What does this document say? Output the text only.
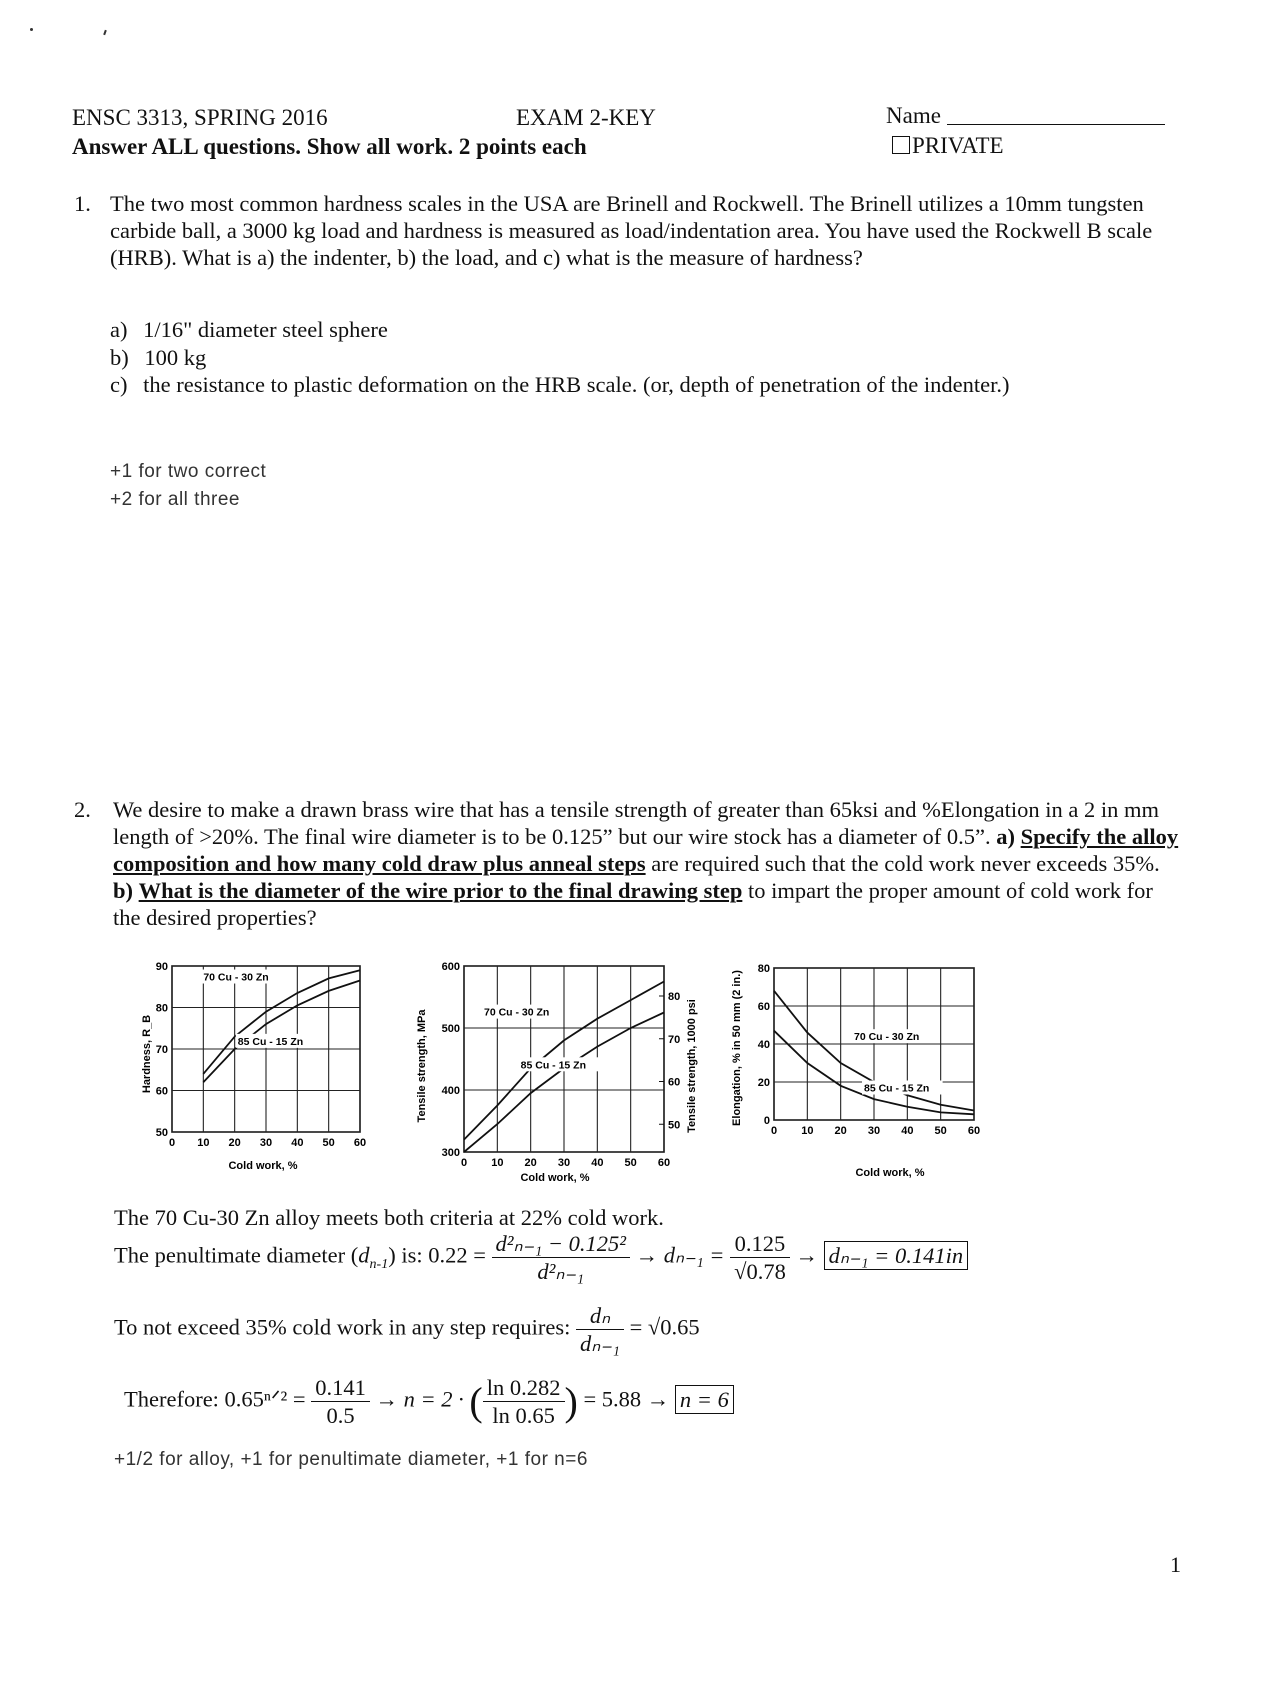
ENSC 3313, SPRING 2016	EXAM 2-KEY	Name
PRIVATE
Answer ALL questions. Show all work. 2 points each
1. The two most common hardness scales in the USA are Brinell and Rockwell. The Brinell utilizes a 10mm tungsten carbide ball, a 3000 kg load and hardness is measured as load/indentation area. You have used the Rockwell B scale (HRB). What is a) the indenter, b) the load, and c) what is the measure of hardness?
a) 1/16" diameter steel sphere
b) 100 kg
c) the resistance to plastic deformation on the HRB scale. (or, depth of penetration of the indenter.)
+1 for two correct
+2 for all three
2. We desire to make a drawn brass wire that has a tensile strength of greater than 65ksi and %Elongation in a 2 in mm length of >20%. The final wire diameter is to be 0.125” but our wire stock has a diameter of 0.5”. a) Specify the alloy composition and how many cold draw plus anneal steps are required such that the cold work never exceeds 35%. b) What is the diameter of the wire prior to the final drawing step to impart the proper amount of cold work for the desired properties?
Hardness, R_B
Cold work, %
0 10 20 30 40 50 60
50
60
70
80
90
70 Cu - 30 Zn
85 Cu - 15 Zn	Tensile strength, MPa	Tensile strength, 1000 psi
Cold work, %
0 10 20 30 40 50 60
300
400
500
600
50
60
70
80
70 Cu - 30 Zn
85 Cu - 15 Zn	Elongation, % in 50 mm (2 in.)
Cold work, %
0 10 20 30 40 50 60
0
20
40
60
80
70 Cu - 30 Zn
85 Cu - 15 Zn
The 70 Cu-30 Zn alloy meets both criteria at 22% cold work.
The penultimate diameter $(d_{n-1})$ is: $0.22 = \frac{\text{d²ₙ₋₁ − 0.125²}}{\text{d²ₙ₋₁}} \to d_{n-1} = \frac{0.125}{√0.78} \to d_{n-1} = 0.141in$
To not exceed 35% cold work in any step requires: $\frac{\text{dₙ}}{\text{dₙ₋₁}} = √0.65$
Therefore: 0.65ⁿᐟ² = $\frac{0.141}{0.5} \to n = 2$ · ( $\frac{\ln 0.282}{\ln 0.65}$ ) = 5.88 → n = 6
+1/2 for alloy, +1 for penultimate diameter, +1 for n=6
1
